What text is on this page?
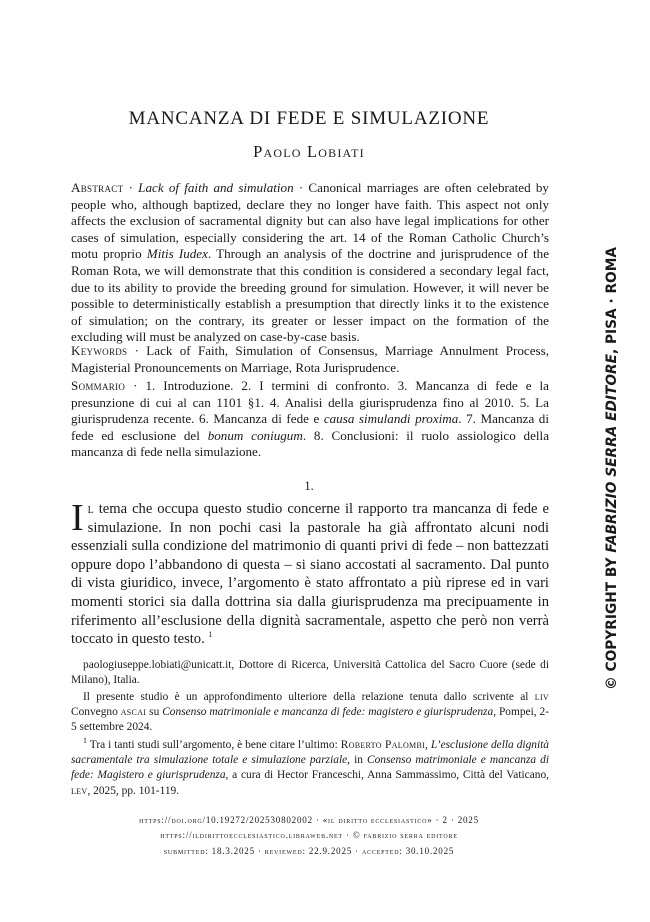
MANCANZA DI FEDE E SIMULAZIONE
Paolo Lobiati
Abstract · Lack of faith and simulation · Canonical marriages are often celebrated by people who, although baptized, declare they no longer have faith. This aspect not only affects the exclusion of sacramental dignity but can also have legal implications for other cases of simulation, especially considering the art. 14 of the Roman Catholic Church’s motu proprio Mitis Iudex. Through an analysis of the doctrine and jurisprudence of the Roman Rota, we will demonstrate that this condition is considered a secondary legal fact, due to its ability to provide the breeding ground for simulation. However, it will never be possible to deterministically establish a presumption that directly links it to the existence of simulation; on the contrary, its greater or lesser impact on the formation of the excluding will must be analyzed on case-by-case basis.
Keywords · Lack of Faith, Simulation of Consensus, Marriage Annulment Process, Magisterial Pronouncements on Marriage, Rota Jurisprudence.
Sommario · 1. Introduzione. 2. I termini di confronto. 3. Mancanza di fede e la presunzione di cui al can 1101 §1. 4. Analisi della giurisprudenza fino al 2010. 5. La giurisprudenza recente. 6. Mancanza di fede e causa simulandi proxima. 7. Mancanza di fede ed esclusione del bonum coniugum. 8. Conclusioni: il ruolo assiologico della mancanza di fede nella simulazione.
1.
Il tema che occupa questo studio concerne il rapporto tra mancanza di fede e simulazione. In non pochi casi la pastorale ha già affrontato alcuni nodi essenziali sulla condizione del matrimonio di quanti privi di fede – non battezzati oppure dopo l’abbandono di questa – si siano accostati al sacramento. Dal punto di vista giuridico, invece, l’argomento è stato affrontato a più riprese ed in vari momenti storici sia dalla dottrina sia dalla giurisprudenza ma precipuamente in riferimento all’esclusione della dignità sacramentale, aspetto che però non verrà toccato in questo testo. $^1$
paologiuseppe.lobiati@unicatt.it, Dottore di Ricerca, Università Cattolica del Sacro Cuore (sede di Milano), Italia.
Il presente studio è un approfondimento ulteriore della relazione tenuta dallo scrivente al liv Convegno ascai su Consenso matrimoniale e mancanza di fede: magistero e giurisprudenza, Pompei, 2-5 settembre 2024.
$^1$ Tra i tanti studi sull’argomento, è bene citare l’ultimo: Roberto Palombi, L’esclusione della dignità sacramentale tra simulazione totale e simulazione parziale, in Consenso matrimoniale e mancanza di fede: Magistero e giurisprudenza, a cura di Hector Franceschi, Anna Sammassimo, Città del Vaticano, lev, 2025, pp. 101-119.
https://doi.org/10.19272/202530802002 · «il diritto ecclesiastico» · 2 · 2025
https://ildirittoecclesiastico.libraweb.net · © fabrizio serra editore
submitted: 18.3.2025 · reviewed: 22.9.2025 · accepted: 30.10.2025
© COPYRIGHT BY FABRIZIO SERRA EDITORE, PISA · ROMA
